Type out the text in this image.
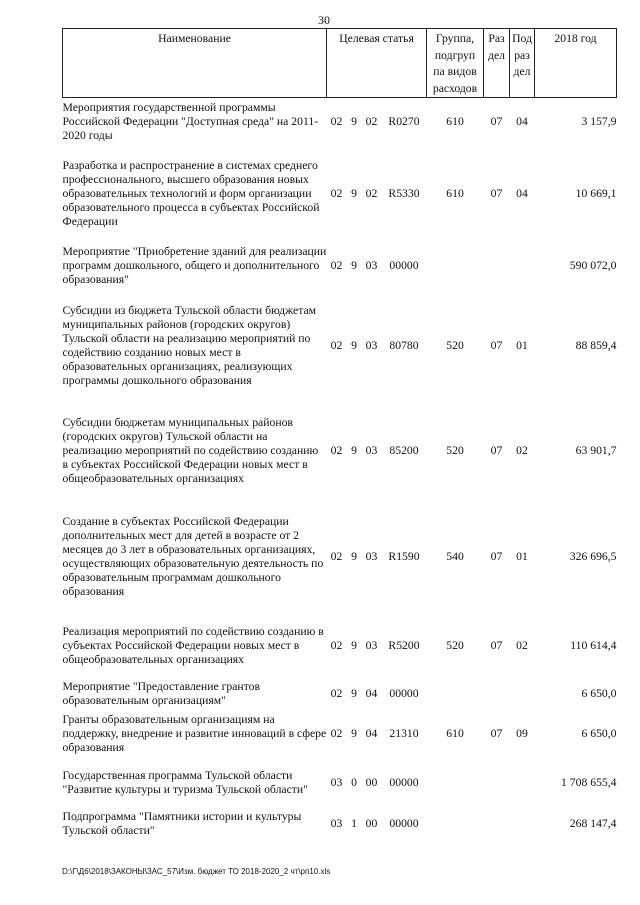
30
Наименование	Целевая статья				Группа, подгруп па видов расходов	Раз дел	Под раз дел	2018 год
Мероприятия государственной программы Российской Федерации "Доступная среда" на 2011-2020 годы	02	9	02	R0270	610	07	04	3 157,9
Разработка и распространение в системах среднего профессионального, высшего образования новых образовательных технологий и форм организации образовательного процесса в субъектах Российской Федерации	02	9	02	R5330	610	07	04	10 669,1
Мероприятие "Приобретение зданий для реализации программ дошкольного, общего и дополнительного образования"	02	9	03	00000				590 072,0
Субсидии из бюджета Тульской области бюджетам муниципальных районов (городских округов) Тульской области на реализацию мероприятий по содействию созданию новых мест в образовательных организациях, реализующих программы дошкольного образования	02	9	03	80780	520	07	01	88 859,4
Субсидии бюджетам муниципальных районов (городских округов) Тульской области на реализацию мероприятий по содействию созданию в субъектах Российской Федерации новых мест в общеобразовательных организациях	02	9	03	85200	520	07	02	63 901,7
Создание в субъектах Российской Федерации дополнительных мест для детей в возрасте от 2 месяцев до 3 лет в образовательных организациях, осуществляющих образовательную деятельность по образовательным программам дошкольного образования	02	9	03	R1590	540	07	01	326 696,5
Реализация мероприятий по содействию созданию в субъектах Российской Федерации новых мест в общеобразовательных организациях	02	9	03	R5200	520	07	02	110 614,4
Мероприятие "Предоставление грантов образовательным организациям"	02	9	04	00000				6 650,0
Гранты образовательным организациям на поддержку, внедрение и развитие инноваций в сфере образования	02	9	04	21310	610	07	09	6 650,0
Государственная программа Тульской области "Развитие культуры и туризма Тульской области"	03	0	00	00000				1 708 655,4
Подпрограмма "Памятники истории и культуры Тульской области"	03	1	00	00000				268 147,4
D:\Г\Д6\2018\ЗАКОНЫ\ЗАС_57\Изм. бюджет ТО 2018-2020_2 чт\рп10.xls
